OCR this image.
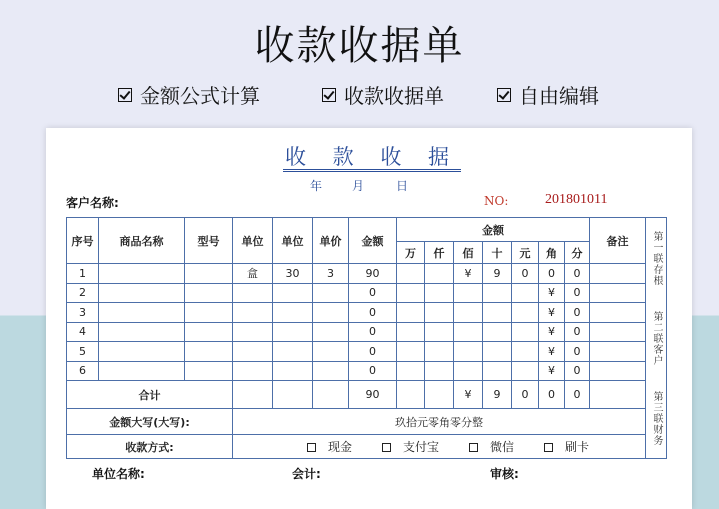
收款收据单
金额公式计算	收款收据单	自由编辑
收 款 收 据
年 月	日
客户名称:	NO:	201801011
序号	商品名称	型号	单位	单位	单价	金额	金额							备注	第一联存根
第二联客户
第三联财务

							万	仟	佰	十	元	角	分		
1			盒	30	3	90			¥	9	0	0	0		
2						0						¥	0		
3						0						¥	0		
4						0						¥	0		
5						0						¥	0		
6						0						¥	0		
合计						90			¥	9	0	0	0		
金额大写(大写):			玖拾元零角零分整												
收款方式:			现金 支付宝 微信 刷卡												
单位名称:	会计:	审核:
